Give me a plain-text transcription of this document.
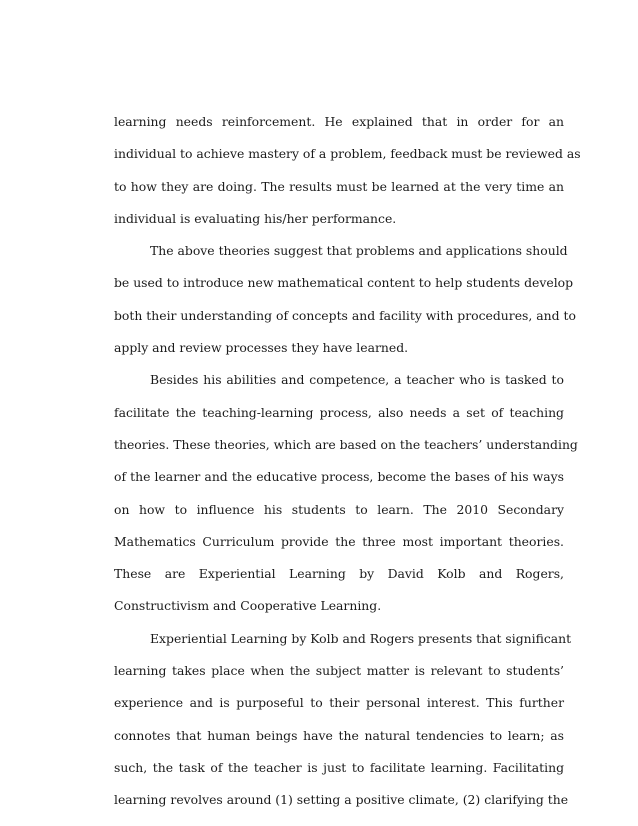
learning needs reinforcement. He explained that in order for an
individual to achieve mastery of a problem, feedback must be reviewed as
to how they are doing. The results must be learned at the very time an
individual is evaluating his/her performance.
The above theories suggest that problems and applications should
be used to introduce new mathematical content to help students develop
both their understanding of concepts and facility with procedures, and to
apply and review processes they have learned.
Besides his abilities and competence, a teacher who is tasked to
facilitate the teaching-learning process, also needs a set of teaching
theories. These theories, which are based on the teachers’ understanding
of the learner and the educative process, become the bases of his ways
on how to influence his students to learn. The 2010 Secondary
Mathematics Curriculum provide the three most important theories.
These are Experiential Learning by David Kolb and Rogers,
Constructivism and Cooperative Learning.
Experiential Learning by Kolb and Rogers presents that significant
learning takes place when the subject matter is relevant to students’
experience and is purposeful to their personal interest. This further
connotes that human beings have the natural tendencies to learn; as
such, the task of the teacher is just to facilitate learning. Facilitating
learning revolves around (1) setting a positive climate, (2) clarifying the
